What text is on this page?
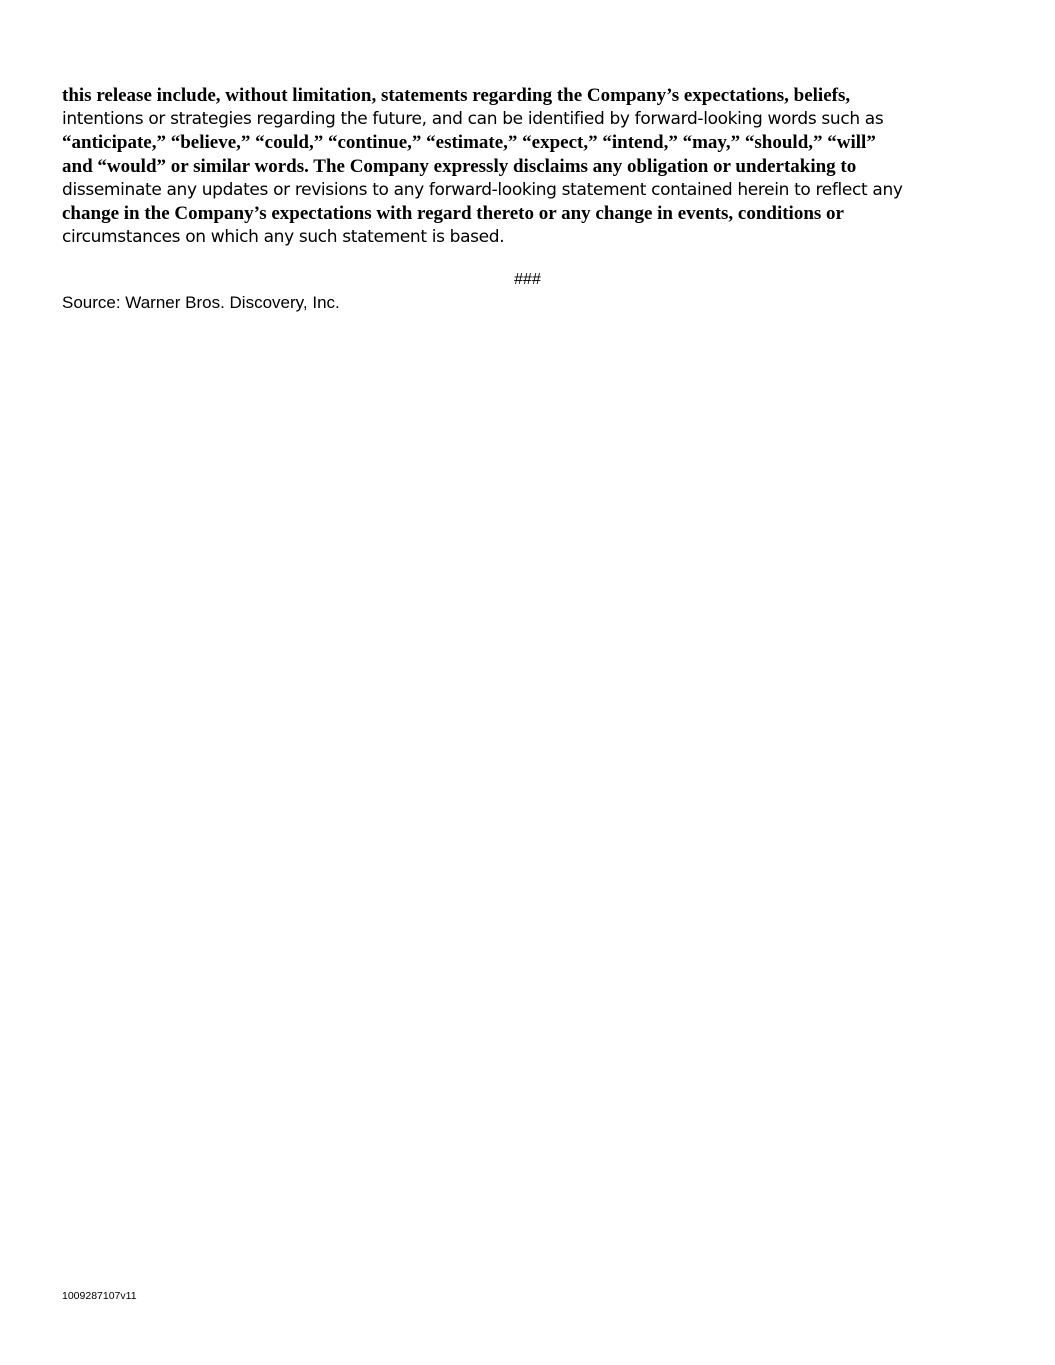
this release include, without limitation, statements regarding the Company’s expectations, beliefs,
intentions or strategies regarding the future, and can be identified by forward-looking words such as
“anticipate,” “believe,” “could,” “continue,” “estimate,” “expect,” “intend,” “may,” “should,” “will”
and “would” or similar words. The Company expressly disclaims any obligation or undertaking to
disseminate any updates or revisions to any forward-looking statement contained herein to reflect any
change in the Company’s expectations with regard thereto or any change in events, conditions or
circumstances on which any such statement is based.
###
Source: Warner Bros. Discovery, Inc.
1009287107v11
